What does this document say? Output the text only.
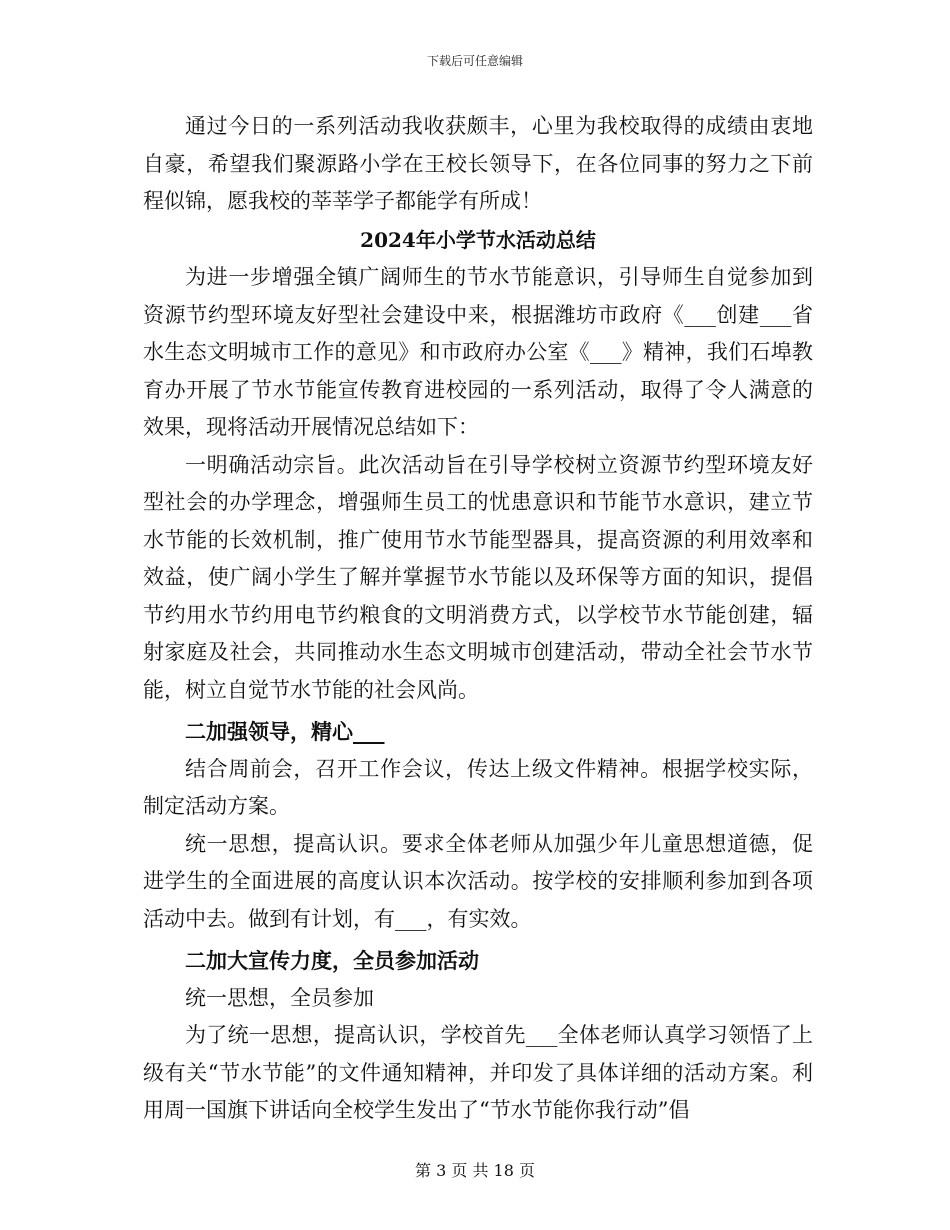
下载后可任意编辑

通过今日的一系列活动我收获颇丰，心里为我校取得的成绩由衷地自豪，希望我们聚源路小学在王校长领导下，在各位同事的努力之下前程似锦，愿我校的莘莘学子都能学有所成！

2024年小学节水活动总结

为进一步增强全镇广阔师生的节水节能意识，引导师生自觉参加到资源节约型环境友好型社会建设中来，根据潍坊市政府《___创建___省水生态文明城市工作的意见》和市政府办公室《___》精神，我们石埠教育办开展了节水节能宣传教育进校园的一系列活动，取得了令人满意的效果，现将活动开展情况总结如下：

一明确活动宗旨。此次活动旨在引导学校树立资源节约型环境友好型社会的办学理念，增强师生员工的忧患意识和节能节水意识，建立节水节能的长效机制，推广使用节水节能型器具，提高资源的利用效率和效益，使广阔小学生了解并掌握节水节能以及环保等方面的知识，提倡节约用水节约用电节约粮食的文明消费方式，以学校节水节能创建，辐射家庭及社会，共同推动水生态文明城市创建活动，带动全社会节水节能，树立自觉节水节能的社会风尚。

二加强领导，精心___

结合周前会，召开工作会议，传达上级文件精神。根据学校实际，制定活动方案。

统一思想，提高认识。要求全体老师从加强少年儿童思想道德，促进学生的全面进展的高度认识本次活动。按学校的安排顺利参加到各项活动中去。做到有计划，有___，有实效。

二加大宣传力度，全员参加活动

统一思想，全员参加

为了统一思想，提高认识，学校首先___全体老师认真学习领悟了上级有关“节水节能”的文件通知精神，并印发了具体详细的活动方案。利用周一国旗下讲话向全校学生发出了“节水节能你我行动”倡

第 3 页 共 18 页
